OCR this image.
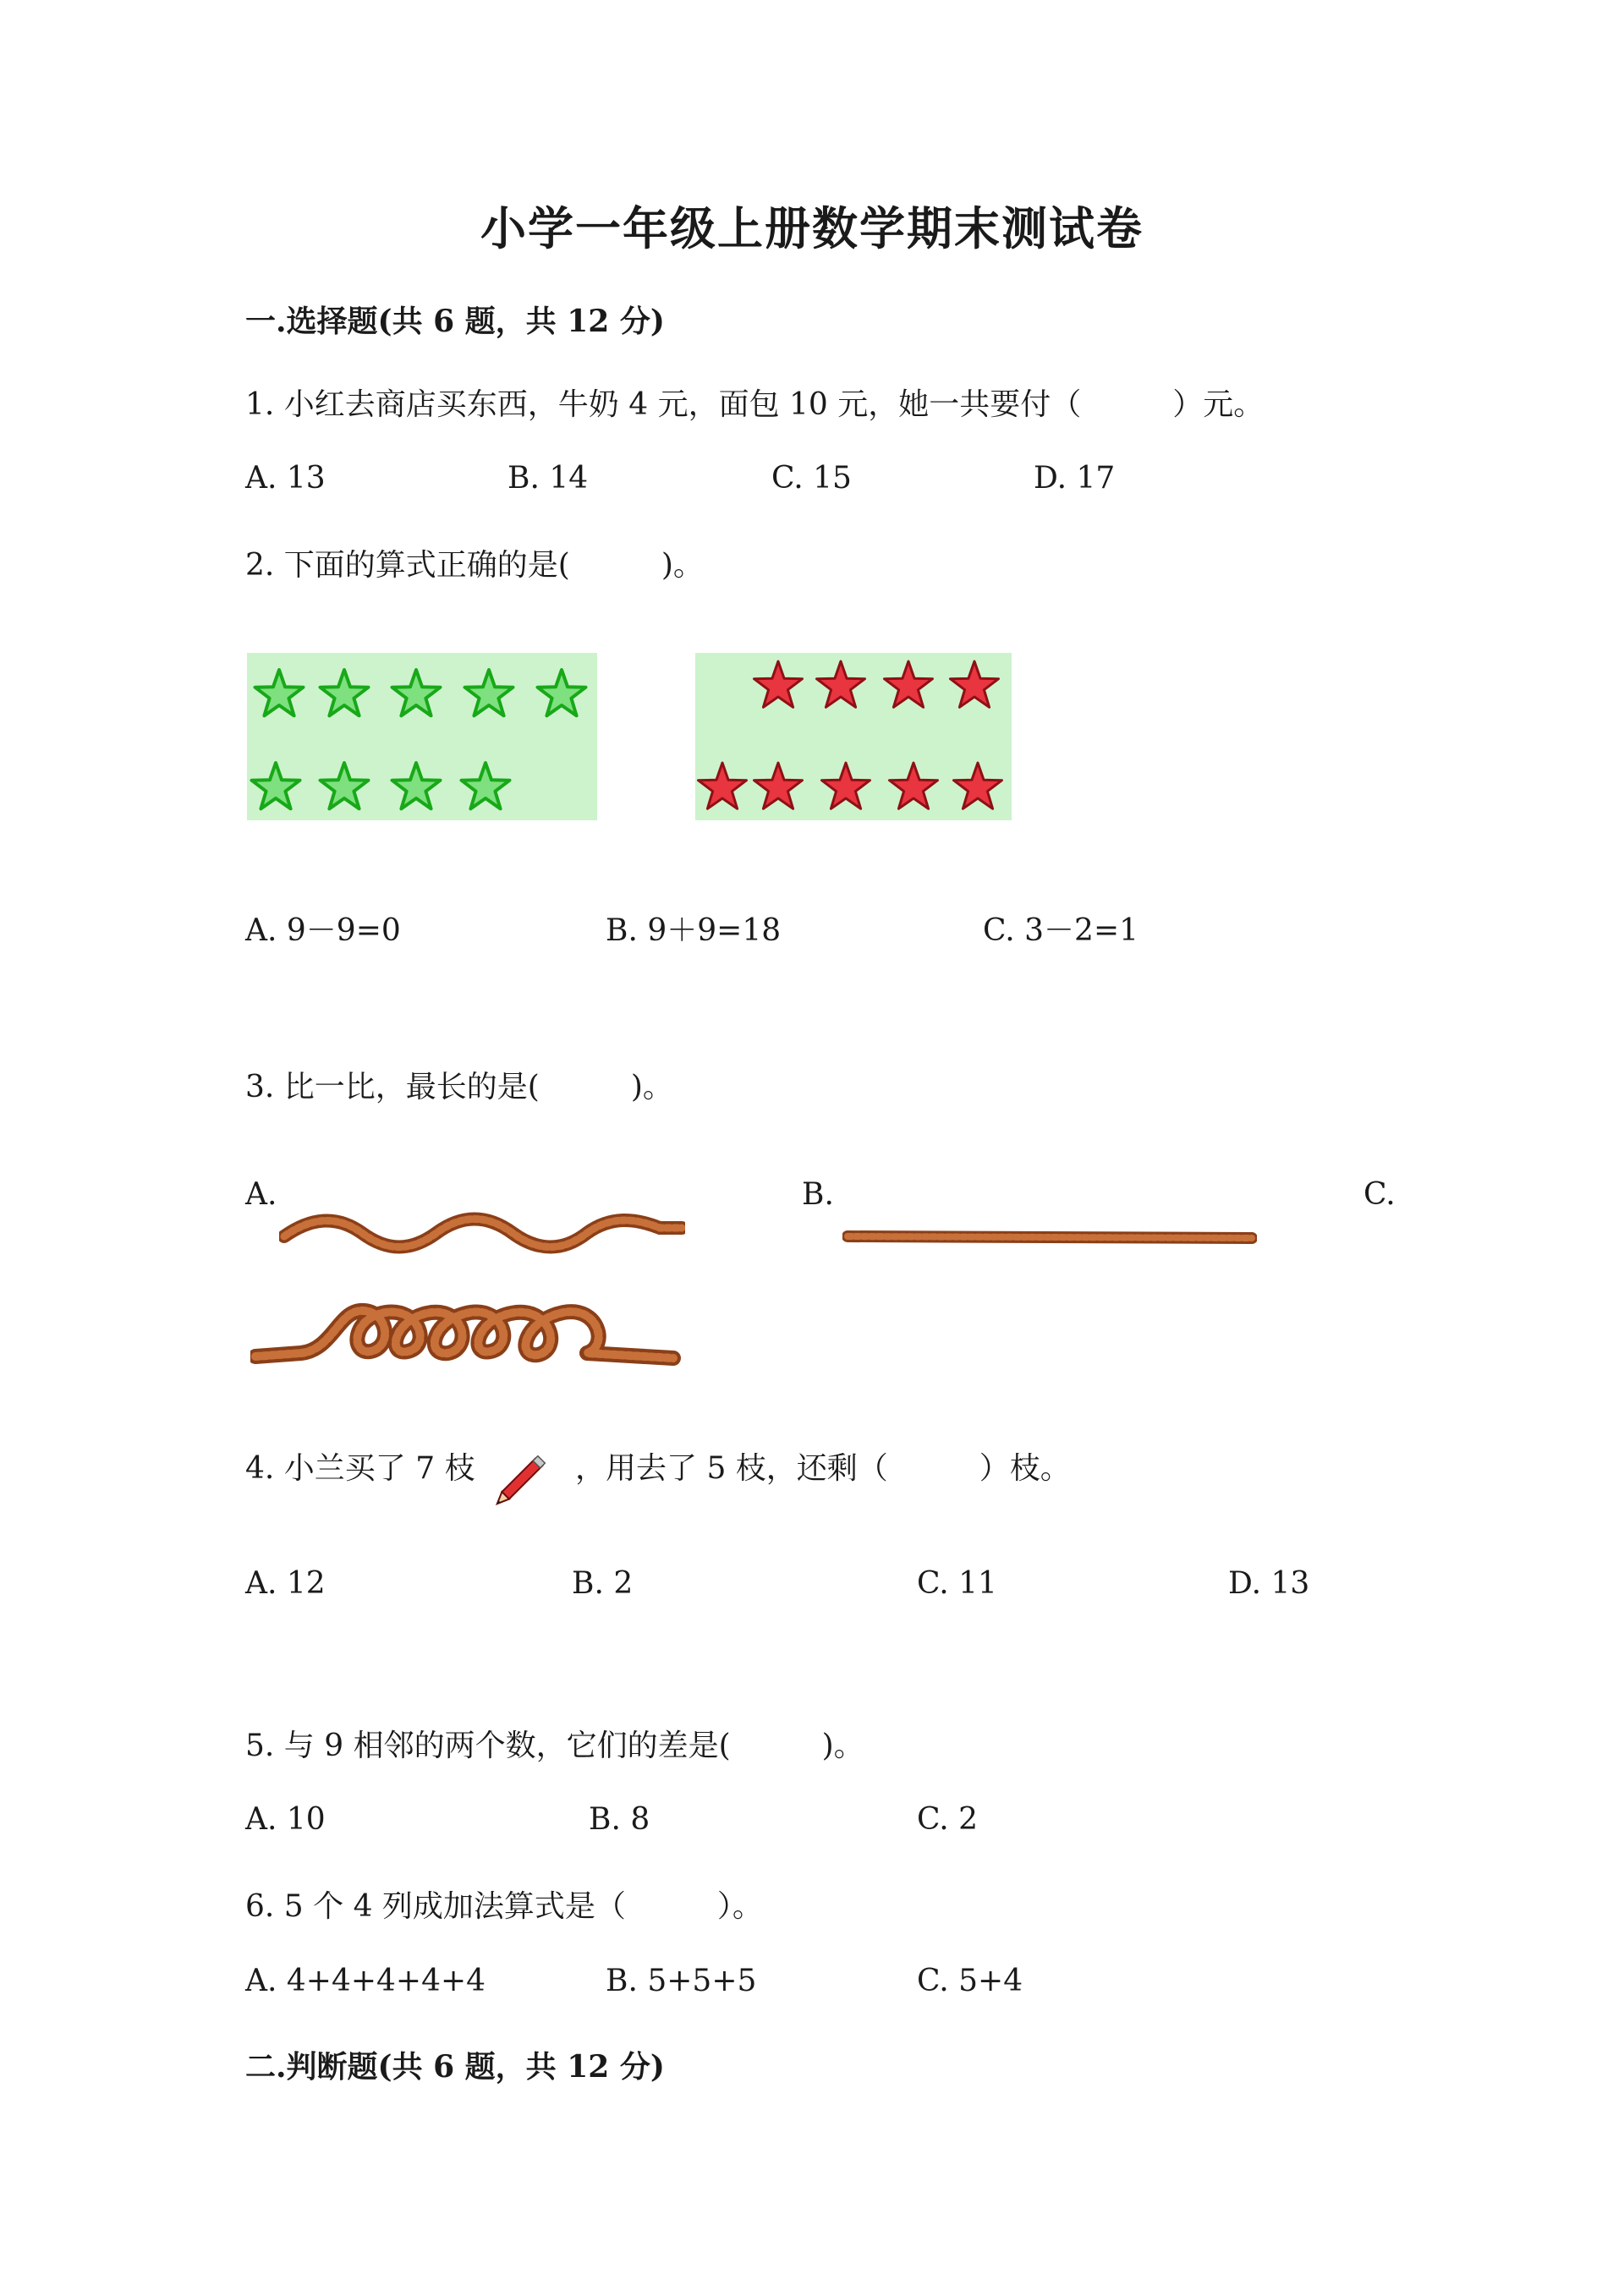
小学一年级上册数学期末测试卷
一.选择题(共 6 题，共 12 分)
1. 小红去商店买东西，牛奶 4 元，面包 10 元，她一共要付（　　　）元。
A. 13	B. 14	C. 15	D. 17
2. 下面的算式正确的是(　　　)。
A. 9－9=0	B. 9＋9=18	C. 3－2=1
3. 比一比，最长的是(　　　)。
A.	B.	C.
4. 小兰买了 7 枝	，用去了 5 枝，还剩（　　　）枝。
A. 12	B. 2	C. 11	D. 13
5. 与 9 相邻的两个数，它们的差是(　　　)。
A. 10	B. 8	C. 2
6. 5 个 4 列成加法算式是（　　　）。
A. 4+4+4+4+4	B. 5+5+5	C. 5+4
二.判断题(共 6 题，共 12 分)
